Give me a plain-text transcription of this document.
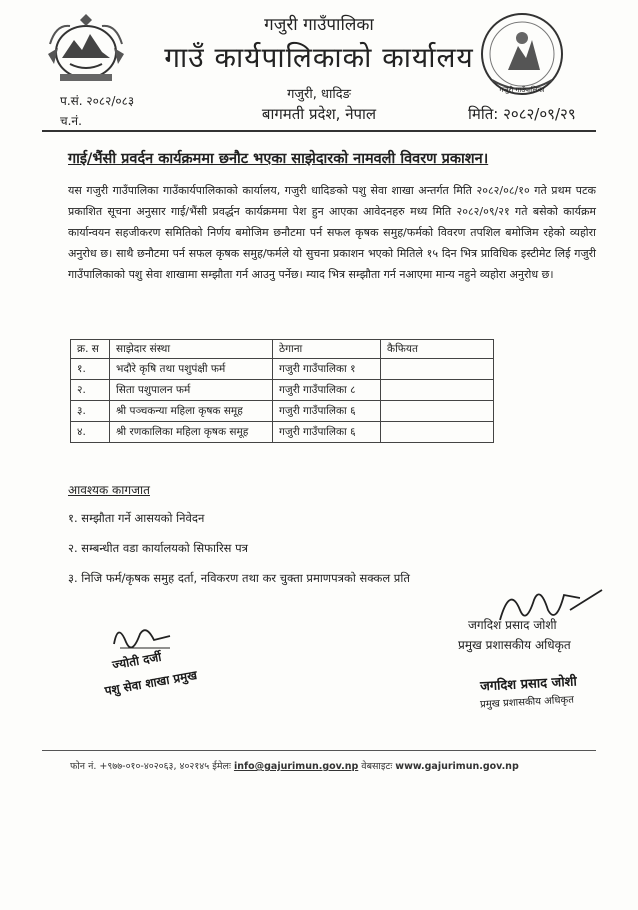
गजुरी गाउँपालिका
गजुरी गाउँपालिका
गाउँ कार्यपालिकाको कार्यालय
गजुरी, धादिङ
बागमती प्रदेश, नेपाल
प.सं. २०८२/०८३
च.नं.	मिति: २०८२/०९/२९
गाई/भैंसी प्रवर्दन कार्यक्रममा छनौट भएका साझेदारको नामवली विवरण प्रकाशन।
यस गजुरी गाउँपालिका गाउँकार्यपालिकाको कार्यालय, गजुरी धादिङको पशु सेवा शाखा अन्तर्गत मिति २०८२/०८/१० गते प्रथम पटक प्रकाशित सूचना अनुसार गाई/भैंसी प्रवर्द्धन कार्यक्रममा पेश हुन आएका आवेदनहरु मध्य मिति २०८२/०९/२१ गते बसेको कार्यक्रम कार्यान्वयन सहजीकरण समितिको निर्णय बमोजिम छनौटमा पर्न सफल कृषक समुह/फर्मको विवरण तपशिल बमोजिम रहेको व्यहोरा अनुरोध छ। साथै छनौटमा पर्न सफल कृषक समुह/फर्मले यो सुचना प्रकाशन भएको मितिले १५ दिन भित्र प्राविधिक इस्टीमेट लिई गजुरी गाउँपालिकाको पशु सेवा शाखामा सम्झौता गर्न आउनु पर्नेछ। म्याद भित्र सम्झौता गर्न नआएमा मान्य नहुने व्यहोरा अनुरोध छ।
क्र. स	साझेदार संस्था	ठेगाना	कैफियत
१.	भदौरे कृषि तथा पशुपंक्षी फर्म	गजुरी गाउँपालिका १	
२.	सिता पशुपालन फर्म	गजुरी गाउँपालिका ८	
३.	श्री पञ्चकन्या महिला कृषक समूह	गजुरी गाउँपालिका ६	
४.	श्री रणकालिका महिला कृषक समूह	गजुरी गाउँपालिका ६	
आवश्यक कागजात
१. सम्झौता गर्ने आसयको निवेदन
२. सम्बन्धीत वडा कार्यालयको सिफारिस पत्र
३. निजि फर्म/कृषक समुह दर्ता, नविकरण तथा कर चुक्ता प्रमाणपत्रको सक्कल प्रति
जगदिश प्रसाद जोशी
प्रमुख प्रशासकीय अधिकृत
जगदिश प्रसाद जोशी
प्रमुख प्रशासकीय अधिकृत
ज्योती दर्जी
पशु सेवा शाखा प्रमुख
फोन नं. +९७७-०१०-४०२०६३, ४०२१४५ ईमेलः info@gajurimun.gov.np वेबसाइटः www.gajurimun.gov.np
